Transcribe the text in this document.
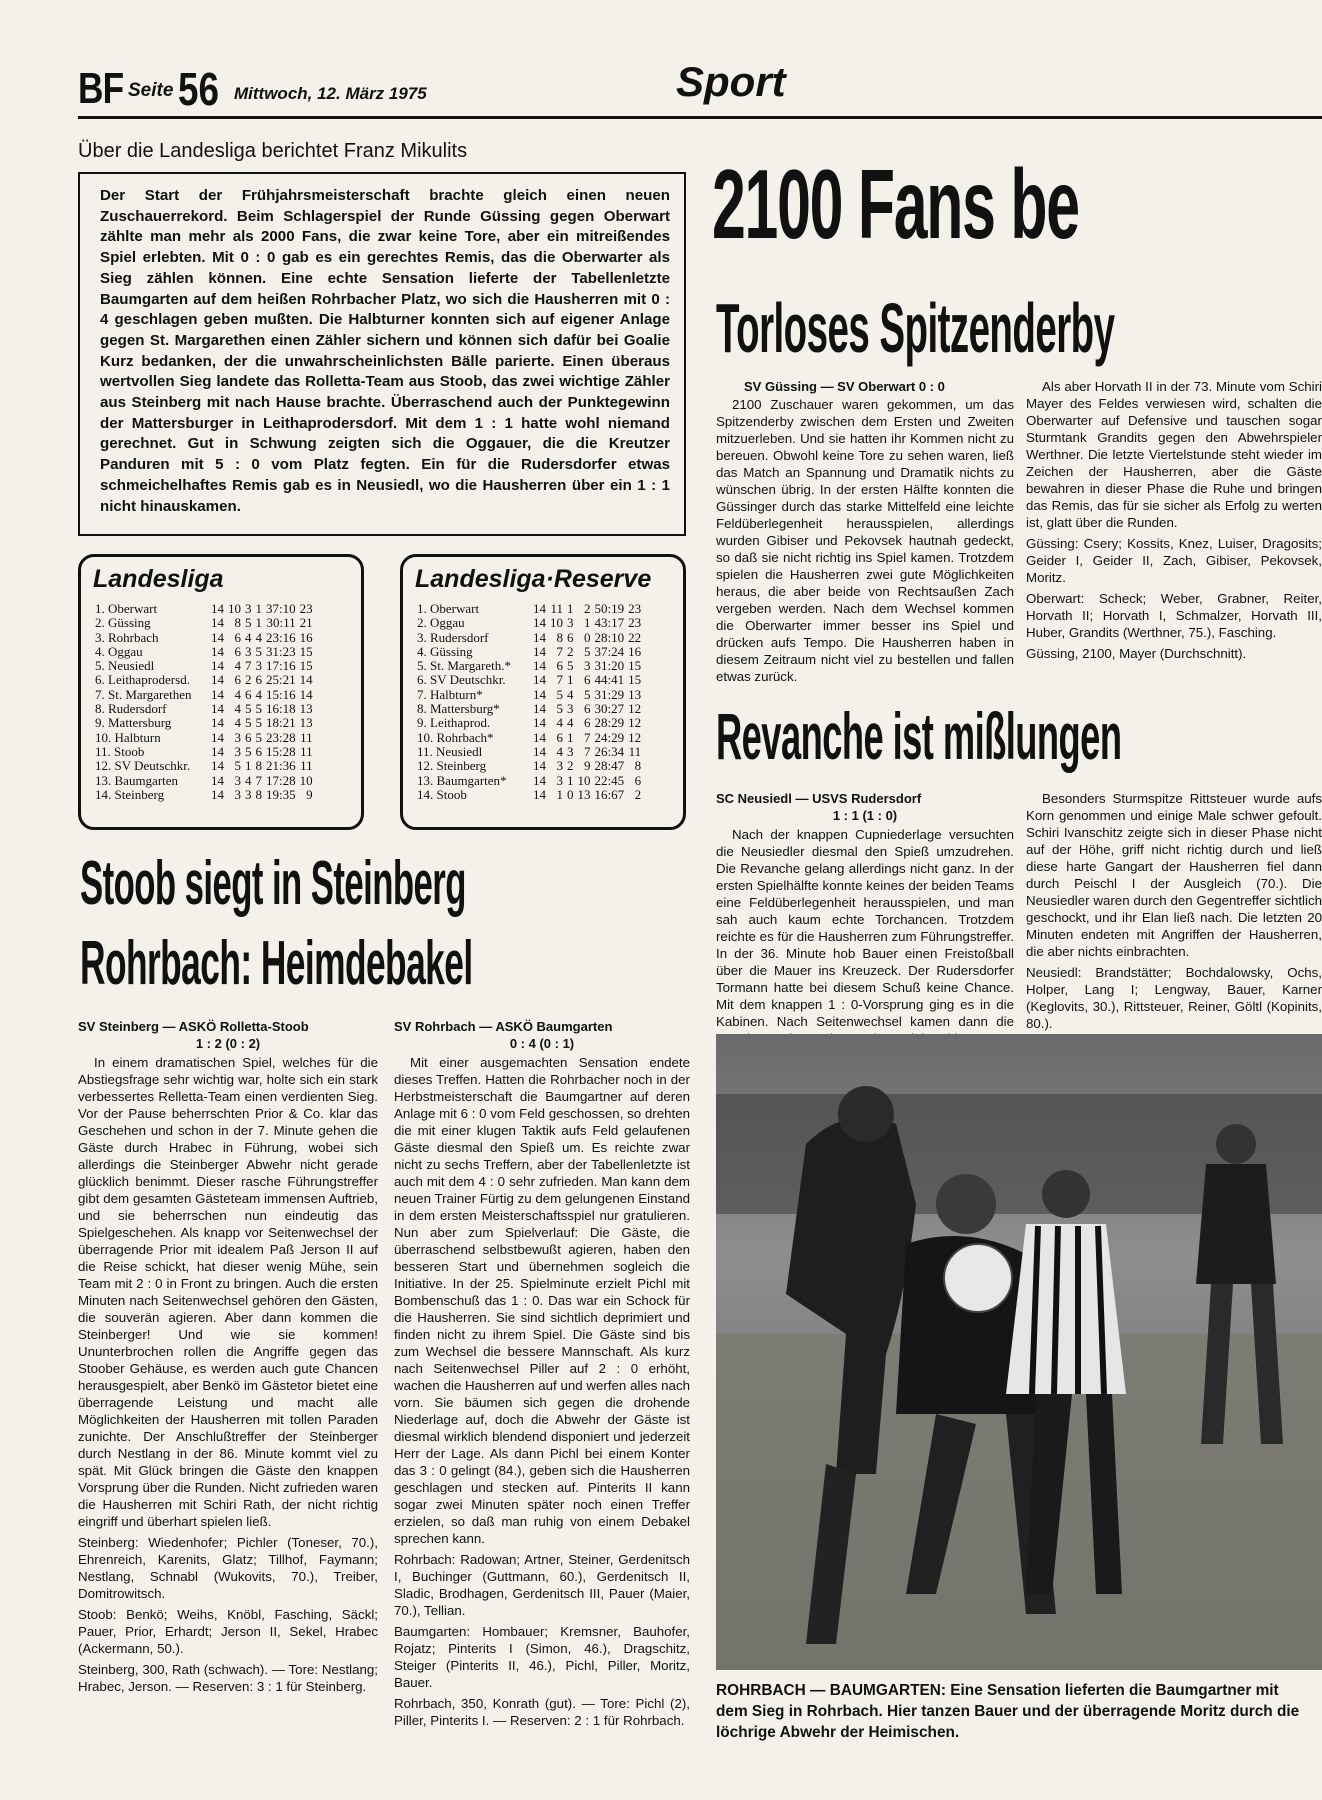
BF Seite 56 Mittwoch, 12. März 1975	Sport
Über die Landesliga berichtet Franz Mikulits
Der Start der Frühjahrsmeisterschaft brachte gleich einen neuen Zuschauerrekord. Beim Schlagerspiel der Runde Güssing gegen Oberwart zählte man mehr als 2000 Fans, die zwar keine Tore, aber ein mitreißendes Spiel erlebten. Mit 0 : 0 gab es ein gerechtes Remis, das die Oberwarter als Sieg zählen können. Eine echte Sensation lieferte der Tabellenletzte Baumgarten auf dem heißen Rohrbacher Platz, wo sich die Hausherren mit 0 : 4 geschlagen geben mußten. Die Halbturner konnten sich auf eigener Anlage gegen St. Margarethen einen Zähler sichern und können sich dafür bei Goalie Kurz bedanken, der die unwahrscheinlichsten Bälle parierte. Einen überaus wertvollen Sieg landete das Rolletta-Team aus Stoob, das zwei wichtige Zähler aus Steinberg mit nach Hause brachte. Überraschend auch der Punktegewinn der Mattersburger in Leithaprodersdorf. Mit dem 1 : 1 hatte wohl niemand gerechnet. Gut in Schwung zeigten sich die Oggauer, die die Kreutzer Panduren mit 5 : 0 vom Platz fegten. Ein für die Rudersdorfer etwas schmeichelhaftes Remis gab es in Neusiedl, wo die Hausherren über ein 1 : 1 nicht hinauskamen.
Landesliga
1. Oberwart	14	10	3	1	37:10	23
2. Güssing	14	8	5	1	30:11	21
3. Rohrbach	14	6	4	4	23:16	16
4. Oggau	14	6	3	5	31:23	15
5. Neusiedl	14	4	7	3	17:16	15
6. Leithaprodersd.	14	6	2	6	25:21	14
7. St. Margarethen	14	4	6	4	15:16	14
8. Rudersdorf	14	4	5	5	16:18	13
9. Mattersburg	14	4	5	5	18:21	13
10. Halbturn	14	3	6	5	23:28	11
11. Stoob	14	3	5	6	15:28	11
12. SV Deutschkr.	14	5	1	8	21:36	11
13. Baumgarten	14	3	4	7	17:28	10
14. Steinberg	14	3	3	8	19:35	9
Landesliga·Reserve
1. Oberwart	14	11	1	2	50:19	23
2. Oggau	14	10	3	1	43:17	23
3. Rudersdorf	14	8	6	0	28:10	22
4. Güssing	14	7	2	5	37:24	16
5. St. Margareth.*	14	6	5	3	31:20	15
6. SV Deutschkr.	14	7	1	6	44:41	15
7. Halbturn*	14	5	4	5	31:29	13
8. Mattersburg*	14	5	3	6	30:27	12
9. Leithaprod.	14	4	4	6	28:29	12
10. Rohrbach*	14	6	1	7	24:29	12
11. Neusiedl	14	4	3	7	26:34	11
12. Steinberg	14	3	2	9	28:47	8
13. Baumgarten*	14	3	1	10	22:45	6
14. Stoob	14	1	0	13	16:67	2
2100 Fans be
Torloses Spitzenderby
SV Güssing — SV Oberwart 0 : 0

2100 Zuschauer waren gekommen, um das Spitzenderby zwischen dem Ersten und Zweiten mitzuerleben. Und sie hatten ihr Kommen nicht zu bereuen. Obwohl keine Tore zu sehen waren, ließ das Match an Spannung und Dramatik nichts zu wünschen übrig. In der ersten Hälfte konnten die Güssinger durch das starke Mittelfeld eine leichte Feldüberlegenheit herausspielen, allerdings wurden Gibiser und Pekovsek hautnah gedeckt, so daß sie nicht richtig ins Spiel kamen. Trotzdem spielen die Hausherren zwei gute Möglichkeiten heraus, die aber beide von Rechtsaußen Zach vergeben werden. Nach dem Wechsel kommen die Oberwarter immer besser ins Spiel und drücken aufs Tempo. Die Hausherren haben in diesem Zeitraum nicht viel zu bestellen und fallen etwas zurück.

Als aber Horvath II in der 73. Minute vom Schiri Mayer des Feldes verwiesen wird, schalten die Oberwarter auf Defensive und tauschen sogar Sturmtank Grandits gegen den Abwehrspieler Werthner. Die letzte Viertelstunde steht wieder im Zeichen der Hausherren, aber die Gäste bewahren in dieser Phase die Ruhe und bringen das Remis, das für sie sicher als Erfolg zu werten ist, glatt über die Runden.

Güssing: Csery; Kossits, Knez, Luiser, Dragosits; Geider I, Geider II, Zach, Gibiser, Pekovsek, Moritz.

Oberwart: Scheck; Weber, Grabner, Reiter, Horvath II; Horvath I, Schmalzer, Horvath III, Huber, Grandits (Werthner, 75.), Fasching.

Güssing, 2100, Mayer (Durchschnitt).

Revanche ist mißlungen
SC Neusiedl — USVS Rudersdorf
1 : 1 (1 : 0)

Nach der knappen Cupniederlage versuchten die Neusiedler diesmal den Spieß umzudrehen. Die Revanche gelang allerdings nicht ganz. In der ersten Spielhälfte konnte keines der beiden Teams eine Feldüberlegenheit herausspielen, und man sah auch kaum echte Torchancen. Trotzdem reichte es für die Hausherren zum Führungstreffer. In der 36. Minute hob Bauer einen Freistoßball über die Mauer ins Kreuzeck. Der Rudersdorfer Tormann hatte bei diesem Schuß keine Chance. Mit dem knappen 1 : 0-Vorsprung ging es in die Kabinen. Nach Seitenwechsel kamen dann die

Besonders Sturmspitze Rittsteuer wurde aufs Korn genommen und einige Male schwer gefoult. Schiri Ivanschitz zeigte sich in dieser Phase nicht auf der Höhe, griff nicht richtig durch und ließ diese harte Gangart der Hausherren fiel dann durch Peischl I der Ausgleich (70.). Die Neusiedler waren durch den Gegentreffer sichtlich geschockt, und ihr Elan ließ nach. Die letzten 20 Minuten endeten mit Angriffen der Hausherren, die aber nichts einbrachten.

Neusiedl: Brandstätter; Bochdalowsky, Ochs, Holper, Lang I; Lengway, Bauer, Karner (Keglovits, 30.), Rittsteuer, Reiner, Göltl (Kopinits, 80.).

Stoob siegt in Steinberg
Rohrbach: Heimdebakel
SV Steinberg — ASKÖ Rolletta-Stoob
1 : 2 (0 : 2)

In einem dramatischen Spiel, welches für die Abstiegsfrage sehr wichtig war, holte sich ein stark verbessertes Relletta-Team einen verdienten Sieg. Vor der Pause beherrschten Prior & Co. klar das Geschehen und schon in der 7. Minute gehen die Gäste durch Hrabec in Führung, wobei sich allerdings die Steinberger Abwehr nicht gerade glücklich benimmt. Dieser rasche Führungstreffer gibt dem gesamten Gästeteam immensen Auftrieb, und sie beherrschen nun eindeutig das Spielgeschehen. Als knapp vor Seitenwechsel der überragende Prior mit idealem Paß Jerson II auf die Reise schickt, hat dieser wenig Mühe, sein Team mit 2 : 0 in Front zu bringen. Auch die ersten Minuten nach Seitenwechsel gehören den Gästen, die souverän agieren. Aber dann kommen die Steinberger! Und wie sie kommen! Ununterbrochen rollen die Angriffe gegen das Stoober Gehäuse, es werden auch gute Chancen herausgespielt, aber Benkö im Gästetor bietet eine überragende Leistung und macht alle Möglichkeiten der Hausherren mit tollen Paraden zunichte. Der Anschlußtreffer der Steinberger durch Nestlang in der 86. Minute kommt viel zu spät. Mit Glück bringen die Gäste den knappen Vorsprung über die Runden. Nicht zufrieden waren die Hausherren mit Schiri Rath, der nicht richtig eingriff und überhart spielen ließ.

Steinberg: Wiedenhofer; Pichler (Toneser, 70.), Ehrenreich, Karenits, Glatz; Tillhof, Faymann; Nestlang, Schnabl (Wukovits, 70.), Treiber, Domitrowitsch.

Stoob: Benkö; Weihs, Knöbl, Fasching, Säckl; Pauer, Prior, Erhardt; Jerson II, Sekel, Hrabec (Ackermann, 50.).

Steinberg, 300, Rath (schwach). — Tore: Nestlang; Hrabec, Jerson. — Reserven: 3 : 1 für Steinberg.

SV Rohrbach — ASKÖ Baumgarten
0 : 4 (0 : 1)

Mit einer ausgemachten Sensation endete dieses Treffen. Hatten die Rohrbacher noch in der Herbstmeisterschaft die Baumgartner auf deren Anlage mit 6 : 0 vom Feld geschossen, so drehten die mit einer klugen Taktik aufs Feld gelaufenen Gäste diesmal den Spieß um. Es reichte zwar nicht zu sechs Treffern, aber der Tabellenletzte ist auch mit dem 4 : 0 sehr zufrieden. Man kann dem neuen Trainer Fürtig zu dem gelungenen Einstand in dem ersten Meisterschaftsspiel nur gratulieren. Nun aber zum Spielverlauf: Die Gäste, die überraschend selbstbewußt agieren, haben den besseren Start und übernehmen sogleich die Initiative. In der 25. Spielminute erzielt Pichl mit Bombenschuß das 1 : 0. Das war ein Schock für die Hausherren. Sie sind sichtlich deprimiert und finden nicht zu ihrem Spiel. Die Gäste sind bis zum Wechsel die bessere Mannschaft. Als kurz nach Seitenwechsel Piller auf 2 : 0 erhöht, wachen die Hausherren auf und werfen alles nach vorn. Sie bäumen sich gegen die drohende Niederlage auf, doch die Abwehr der Gäste ist diesmal wirklich blendend disponiert und jederzeit Herr der Lage. Als dann Pichl bei einem Konter das 3 : 0 gelingt (84.), geben sich die Hausherren geschlagen und stecken auf. Pinterits II kann sogar zwei Minuten später noch einen Treffer erzielen, so daß man ruhig von einem Debakel sprechen kann.

Rohrbach: Radowan; Artner, Steiner, Gerdenitsch I, Buchinger (Guttmann, 60.), Gerdenitsch II, Sladic, Brodhagen, Gerdenitsch III, Pauer (Maier, 70.), Tellian.

Baumgarten: Hombauer; Kremsner, Bauhofer, Rojatz; Pinterits I (Simon, 46.), Dragschitz, Steiger (Pinterits II, 46.), Pichl, Piller, Moritz, Bauer.

Rohrbach, 350, Konrath (gut). — Tore: Pichl (2), Piller, Pinterits I. — Reserven: 2 : 1 für Rohrbach.

ROHRBACH — BAUMGARTEN: Eine Sensation lieferten die Baumgartner mit dem Sieg in Rohrbach. Hier tanzen Bauer und der überragende Moritz durch die löchrige Abwehr der Heimischen.
